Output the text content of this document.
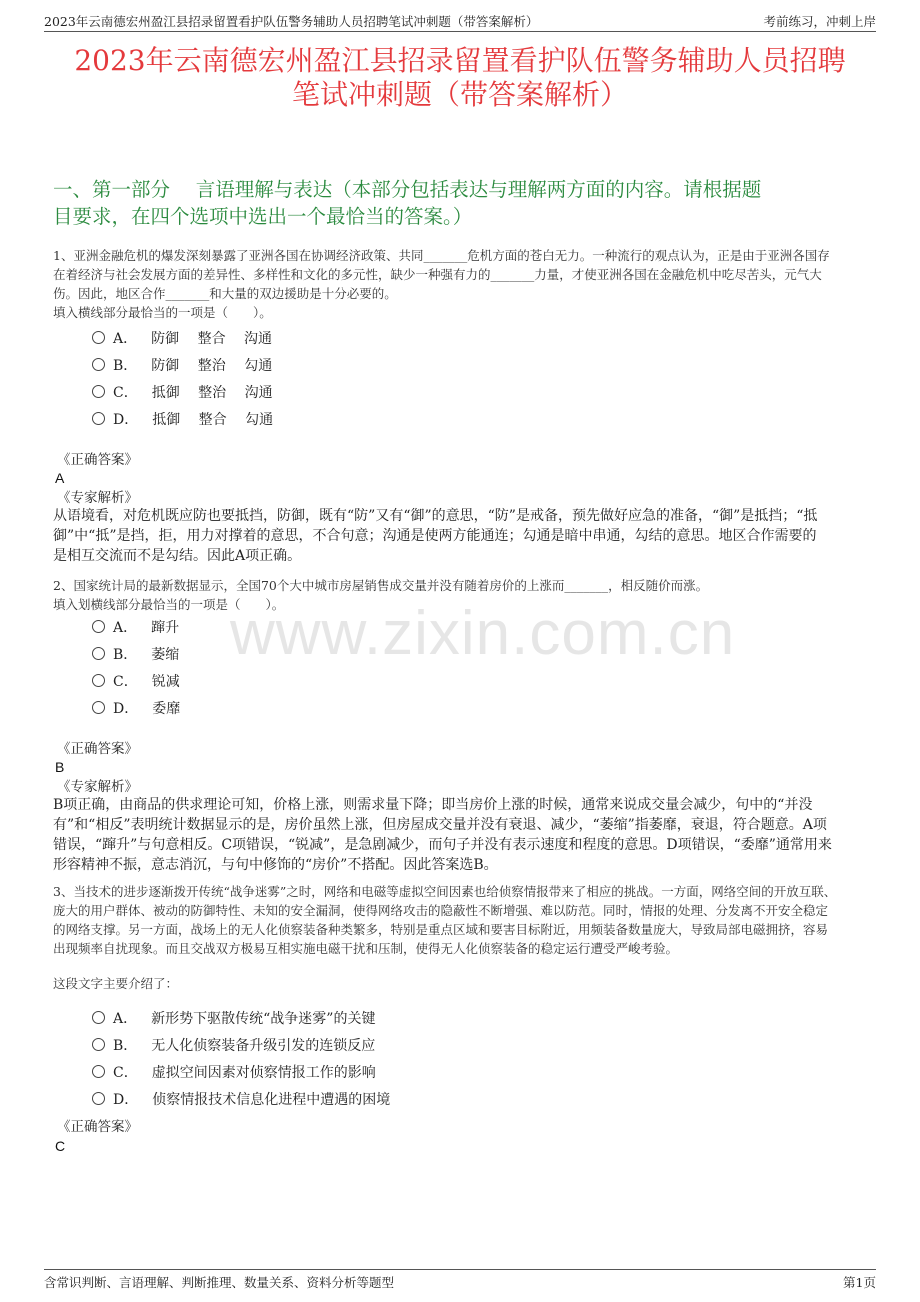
2023年云南德宏州盈江县招录留置看护队伍警务辅助人员招聘笔试冲刺题（带答案解析）	考前练习，冲刺上岸
2023年云南德宏州盈江县招录留置看护队伍警务辅助人员招聘
笔试冲刺题（带答案解析）
一、第一部分　 言语理解与表达（本部分包括表达与理解两方面的内容。请根据题
目要求，在四个选项中选出一个最恰当的答案。）
www.zixin.com.cn
1、亚洲金融危机的爆发深刻暴露了亚洲各国在协调经济政策、共同_______危机方面的苍白无力。一种流行的观点认为，正是由于亚洲各国存
在着经济与社会发展方面的差异性、多样性和文化的多元性，缺少一种强有力的_______力量，才使亚洲各国在金融危机中吃尽苦头，元气大
伤。因此，地区合作_______和大量的双边援助是十分必要的。
填入横线部分最恰当的一项是（　　）。
A． 防御　 整合　 沟通
B． 防御　 整治　 勾通
C． 抵御　 整治　 沟通
D． 抵御　 整合　 勾通
《正确答案》
A
《专家解析》
从语境看，对危机既应防也要抵挡，防御，既有“防”又有“御”的意思，“防”是戒备，预先做好应急的准备，“御”是抵挡；“抵
御”中“抵”是挡，拒，用力对撑着的意思，不合句意；沟通是使两方能通连；勾通是暗中串通，勾结的意思。地区合作需要的
是相互交流而不是勾结。因此A项正确。
2、国家统计局的最新数据显示，全国70个大中城市房屋销售成交量并没有随着房价的上涨而_______，相反随价而涨。
填入划横线部分最恰当的一项是（　　）。
A． 蹿升
B． 萎缩
C． 锐减
D． 委靡
《正确答案》
B
《专家解析》
B项正确，由商品的供求理论可知，价格上涨，则需求量下降；即当房价上涨的时候，通常来说成交量会减少，句中的“并没
有”和“相反”表明统计数据显示的是，房价虽然上涨，但房屋成交量并没有衰退、减少，“萎缩”指萎靡，衰退，符合题意。A项
错误，“蹿升”与句意相反。C项错误，“锐减”，是急剧减少，而句子并没有表示速度和程度的意思。D项错误，“委靡”通常用来
形容精神不振，意志消沉，与句中修饰的“房价”不搭配。因此答案选B。
3、当技术的进步逐渐拨开传统“战争迷雾”之时，网络和电磁等虚拟空间因素也给侦察情报带来了相应的挑战。一方面，网络空间的开放互联、
庞大的用户群体、被动的防御特性、未知的安全漏洞，使得网络攻击的隐蔽性不断增强、难以防范。同时，情报的处理、分发离不开安全稳定
的网络支撑。另一方面，战场上的无人化侦察装备种类繁多，特别是重点区域和要害目标附近，用频装备数量庞大，导致局部电磁拥挤，容易
出现频率自扰现象。而且交战双方极易互相实施电磁干扰和压制，使得无人化侦察装备的稳定运行遭受严峻考验。
这段文字主要介绍了：
A． 新形势下驱散传统“战争迷雾”的关键
B． 无人化侦察装备升级引发的连锁反应
C． 虚拟空间因素对侦察情报工作的影响
D． 侦察情报技术信息化进程中遭遇的困境
《正确答案》
C
含常识判断、言语理解、判断推理、数量关系、资料分析等题型	第1页
